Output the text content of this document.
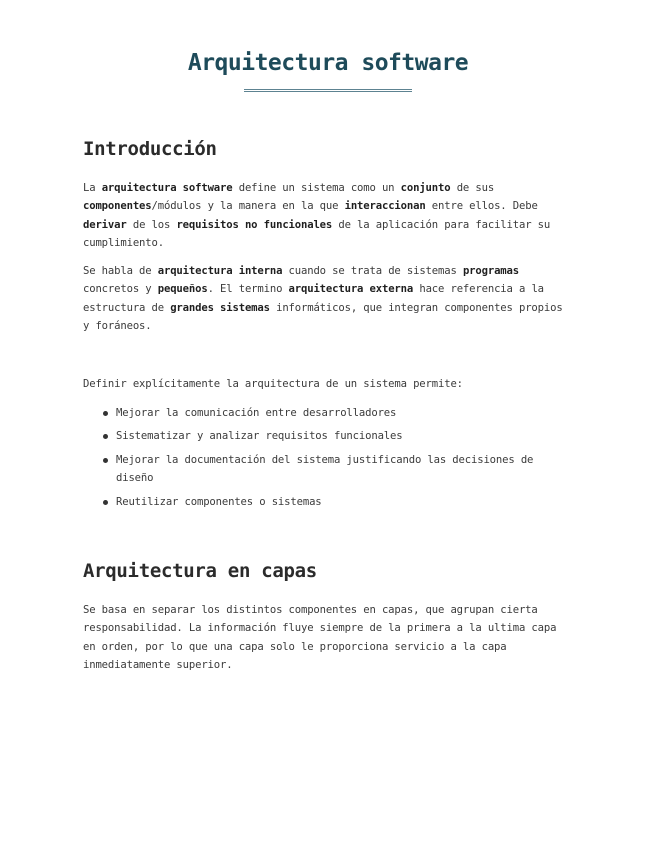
Arquitectura software
Introducción

La arquitectura software define un sistema como un conjunto de sus componentes/módulos y la manera en la que interaccionan entre ellos. Debe derivar de los requisitos no funcionales de la aplicación para facilitar su cumplimiento.

Se habla de arquitectura interna cuando se trata de sistemas programas concretos y pequeños. El termino arquitectura externa hace referencia a la estructura de grandes sistemas informáticos, que integran componentes propios y foráneos.

Definir explícitamente la arquitectura de un sistema permite:

Mejorar la comunicación entre desarrolladores
Sistematizar y analizar requisitos funcionales
Mejorar la documentación del sistema justificando las decisiones de diseño
Reutilizar componentes o sistemas
Arquitectura en capas

Se basa en separar los distintos componentes en capas, que agrupan cierta responsabilidad. La información fluye siempre de la primera a la ultima capa en orden, por lo que una capa solo le proporciona servicio a la capa inmediatamente superior.
